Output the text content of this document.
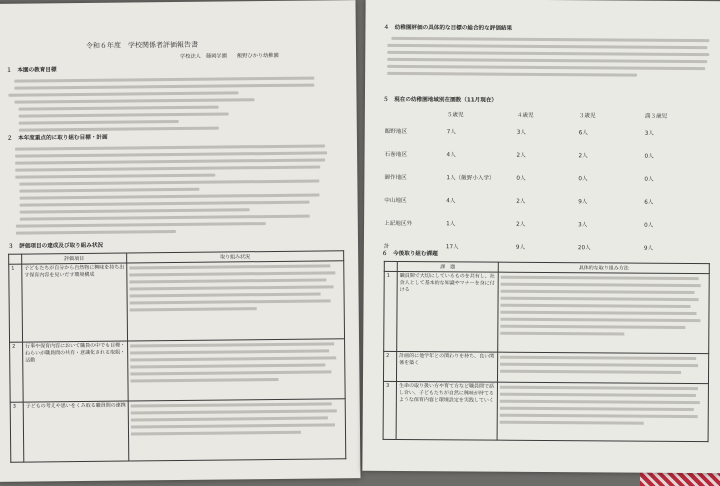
令和６年度　学校関係者評価報告書
学校法人　藤岡学園　　飯野ひかり幼稚園
１　本園の教育目標
２　本年度重点的に取り組む目標・計画
３　評価項目の達成及び取り組み状況
	評価項目	取り組み状況
1	子どもたちが自分から自然物に興味を持ち出す保育内容を見いだす環境構成	

2	行事や保育内容において職員の中でも目標・ねらいが職員間の共有・意識化される取組・活動	

3	子どもの考えや思いをくみ取る職員間の連携	

４　幼稚園評価の具体的な目標の総合的な評価結果
５　現在の幼稚園地域別在園数（11月現在）
	５歳児	４歳児	３歳児	満３歳児
飯野地区	7人	3人	6人	3人
石巻地区	4人	2人	2人	0人
御作地区	1人（飯野小入学）	0人	0人	0人
中山地区	4人	2人	9人	6人
上記地区外	1人	2人	3人	0人
計	17人	9人	20人	9人
６　今後取り組む課題
	課　題	具体的な取り組み方法
1	職員間で大切にしているものを共有し、社会人として基本的な知識やマナーを身に付ける	

2	計画的に他学年との関わりを持ち、良い関係を築く	

3	生命の取り扱い方や育て方など職員間で話し合い、子どもたちが自然に興味が持てるような保育内容と環境設定を実践していく	
